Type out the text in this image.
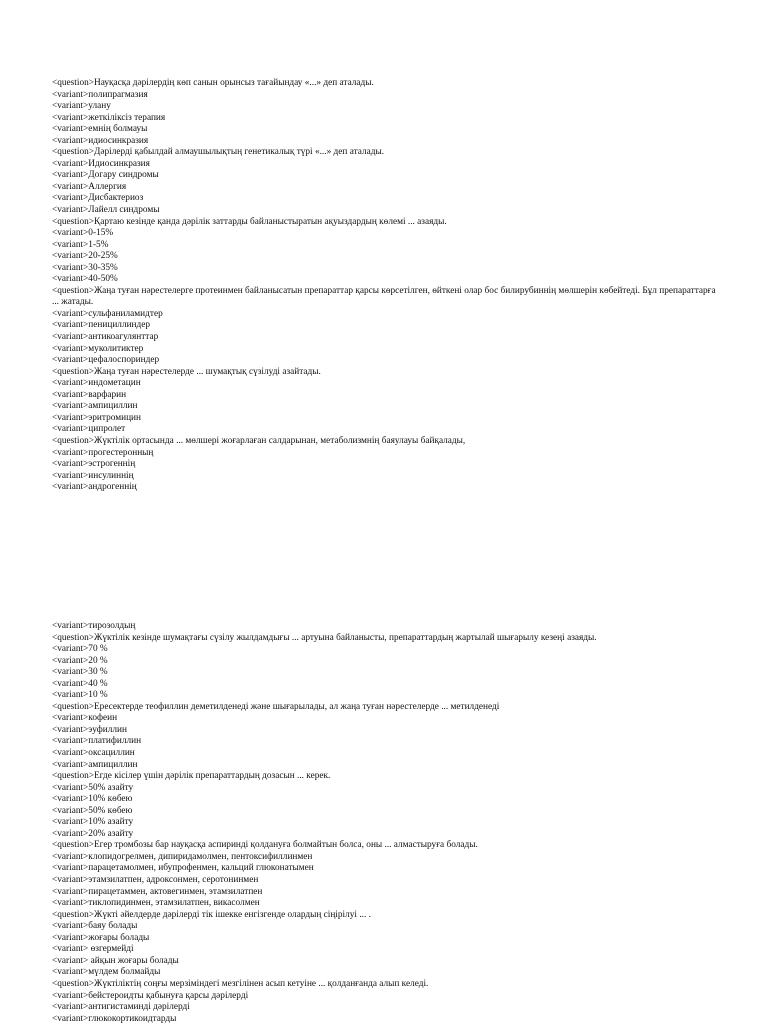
<question>Науқасқа дәрілердің көп санын орынсыз тағайындау «...» деп аталады.
<variant>полипрагмазия
<variant>улану
<variant>жеткіліксіз терапия
<variant>емнің болмауы
<variant>идиосинкразия
<question>Дәрілерді қабылдай алмаушылықтың генетикалық түрі «...» деп аталады.
<variant>Идиосинкразия
<variant>Догару синдромы
<variant>Аллергия
<variant>Дисбактериоз
<variant>Лайелл синдромы
<question>Қартаю кезінде қанда дәрілік заттарды байланыстыратын ақуыздардың көлемі ... азаяды.
<variant>0-15%
<variant>1-5%
<variant>20-25%
<variant>30-35%
<variant>40-50%
<question>Жаңа туған нәрестелерге протеинмен байланысатын препараттар қарсы көрсетілген, өйткені олар бос билирубиннің мөлшерін көбейтеді. Бұл препараттарға ... жатады.
<variant>сульфаниламидтер
<variant>пенициллиндер
<variant>антикоагулянттар
<variant>муколитиктер
<variant>цефалоспориндер
<question>Жаңа туған нәрестелерде ... шумақтық сүзілуді азайтады.
<variant>индометацин
<variant>варфарин
<variant>ампициллин
<variant>эритромицин
<variant>ципролет
<question>Жүктілік ортасында ... мөлшері жоғарлаған салдарынан, метаболизмнің баяулауы байқалады,
<variant>прогестеронның
<variant>эстрогеннің
<variant>инсулиннің
<variant>андрогеннің
<variant>тирозолдың
<question>Жүктілік кезінде шумақтағы сүзілу жылдамдығы ... артуына байланысты, препараттардың жартылай шығарылу кезеңі азаяды.
<variant>70 %
<variant>20 %
<variant>30 %
<variant>40 %
<variant>10 %
<question>Ересектерде теофиллин деметилденеді және шығарылады, ал жаңа туған нәрестелерде ... метилденеді
<variant>кофеин
<variant>эуфиллин
<variant>платифиллин
<variant>оксациллин
<variant>ампициллин
<question>Егде кісілер үшін дәрілік препараттардың дозасын ... керек.
<variant>50% азайту
<variant>10% көбею
<variant>50% көбею
<variant>10% азайту
<variant>20% азайту
<question>Егер тромбозы бар науқасқа аспиринді қолдануға болмайтын болса, оны ... алмастыруға болады.
<variant>клопидогрелмен, дипиридамолмен, пентоксифиллинмен
<variant>парацетамолмен, ибупрофенмен, кальций глюконатымен
<variant>этамзилатпен, адроксонмен, серотонинмен
<variant>пирацетаммен, актовегинмен, этамзилатпен
<variant>тиклопидинмен, этамзилатпен, викасолмен
<question>Жүкті әйелдерде дәрілерді тік ішекке енгізгенде олардың сіңірілуі ... .
<variant>баяу болады
<variant>жоғары болады
<variant> өзгермейді
<variant> айқын жоғары болады
<variant>мүлдем болмайды
<question>Жүктіліктің соңғы мерзіміндегі мезгілінен асып кетуіне ... қолданғанда алып келеді.
<variant>бейстероидты қабынуға қарсы дәрілерді
<variant>антигистаминді дәрілерді
<variant>глюкокортикоидтарды
